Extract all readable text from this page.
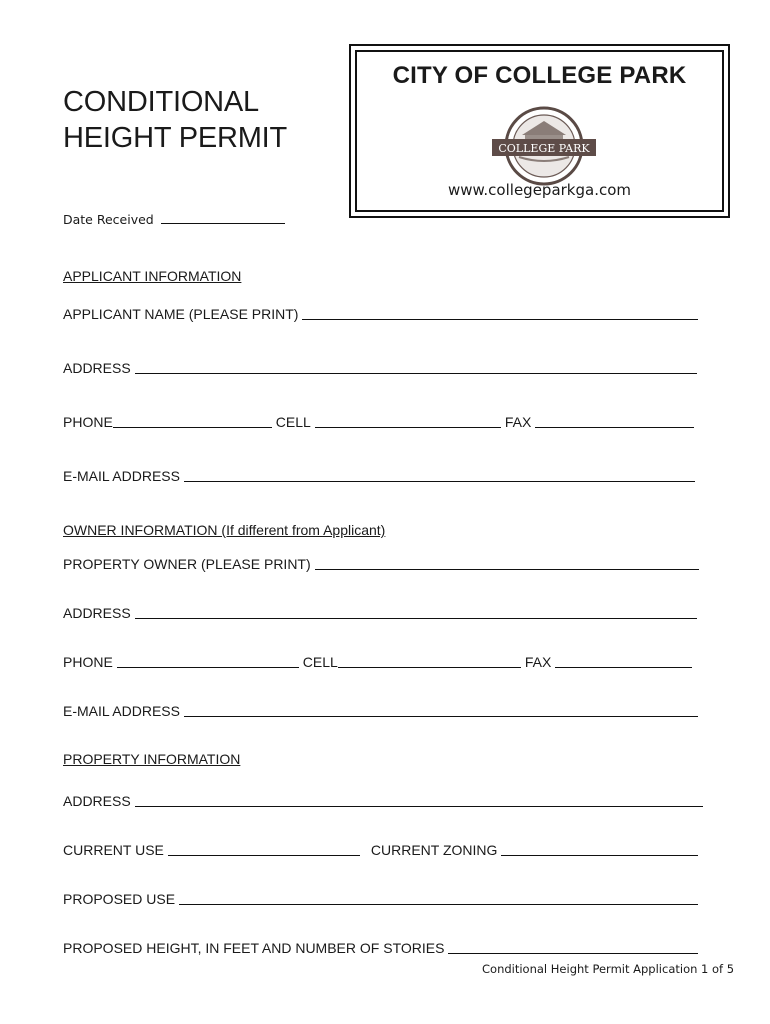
CONDITIONAL
HEIGHT PERMIT
CITY OF COLLEGE PARK
COLLEGE PARK
www.collegeparkga.com
Date Received
APPLICANT INFORMATION
APPLICANT NAME (PLEASE PRINT)
ADDRESS
PHONE	CELL	FAX
E-MAIL ADDRESS
OWNER INFORMATION (If different from Applicant)
PROPERTY OWNER (PLEASE PRINT)
ADDRESS
PHONE	CELL	FAX
E-MAIL ADDRESS
PROPERTY INFORMATION
ADDRESS
CURRENT USE	CURRENT ZONING
PROPOSED USE
PROPOSED HEIGHT, IN FEET AND NUMBER OF STORIES
Conditional Height Permit Application 1 of 5
